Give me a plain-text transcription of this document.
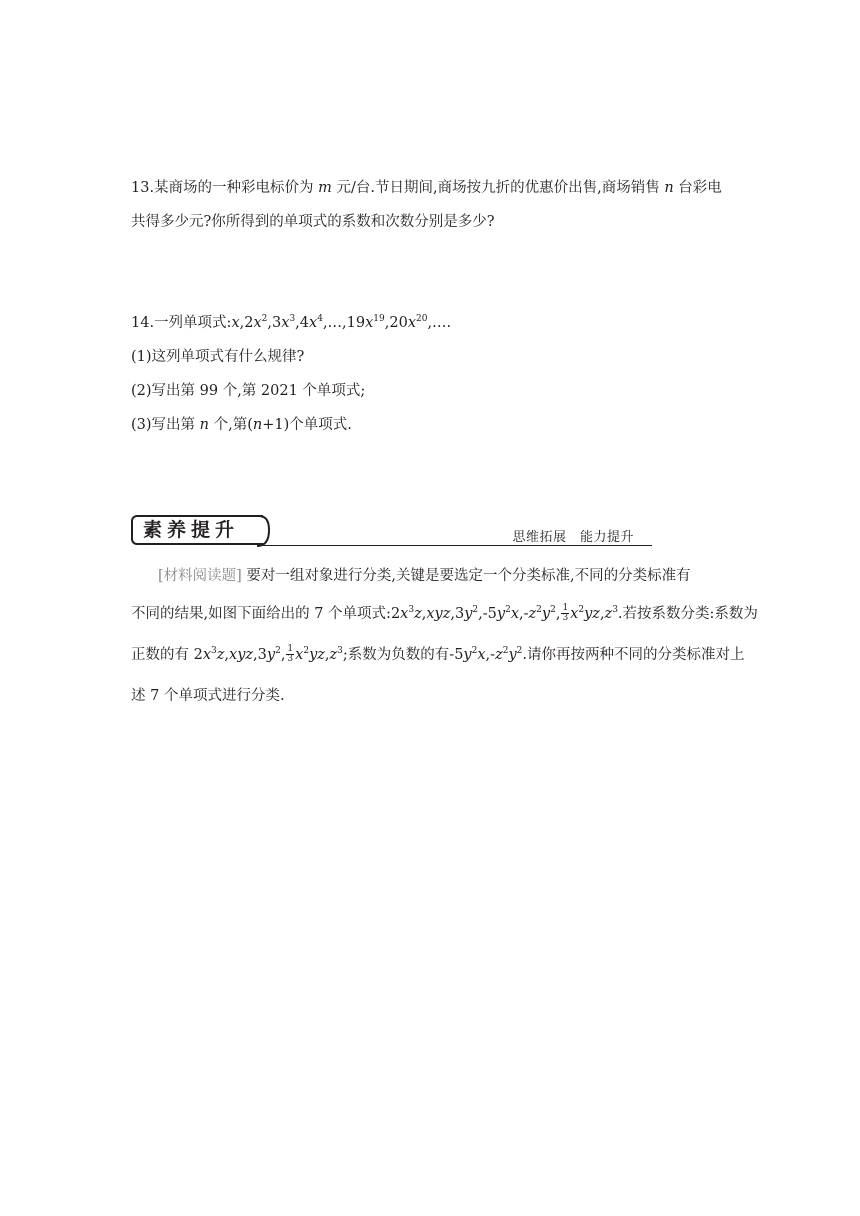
13.某商场的一种彩电标价为 m 元/台.节日期间,商场按九折的优惠价出售,商场销售 n 台彩电
共得多少元?你所得到的单项式的系数和次数分别是多少?
14.一列单项式$:x,2x^2,3x^3,4x^4,\dots,19x^{19},20x^{20},\dots$.
(1)这列单项式有什么规律?
(2)写出第 99 个,第 2021 个单项式;
(3)写出第 n 个,第(n+1)个单项式.
素养提升	思维拓展　能力提升
[材料阅读题] 要对一组对象进行分类,关键是要选定一个分类标准,不同的分类标准有
不同的结果,如图下面给出的 7 个单项式$:2x^3z,xyz,3y^2,-5y^2x,-z^2y^2$, $\frac{1}{3} x^2yz,z^3$.若按系数分类:系数为
正数的有 $2x^3z,xyz,3y^2$, $\frac{1}{3} x^2yz,z^3$;系数为负数的有$-5y^2x,-z^2y^2$.请你再按两种不同的分类标准对上
述 7 个单项式进行分类.
